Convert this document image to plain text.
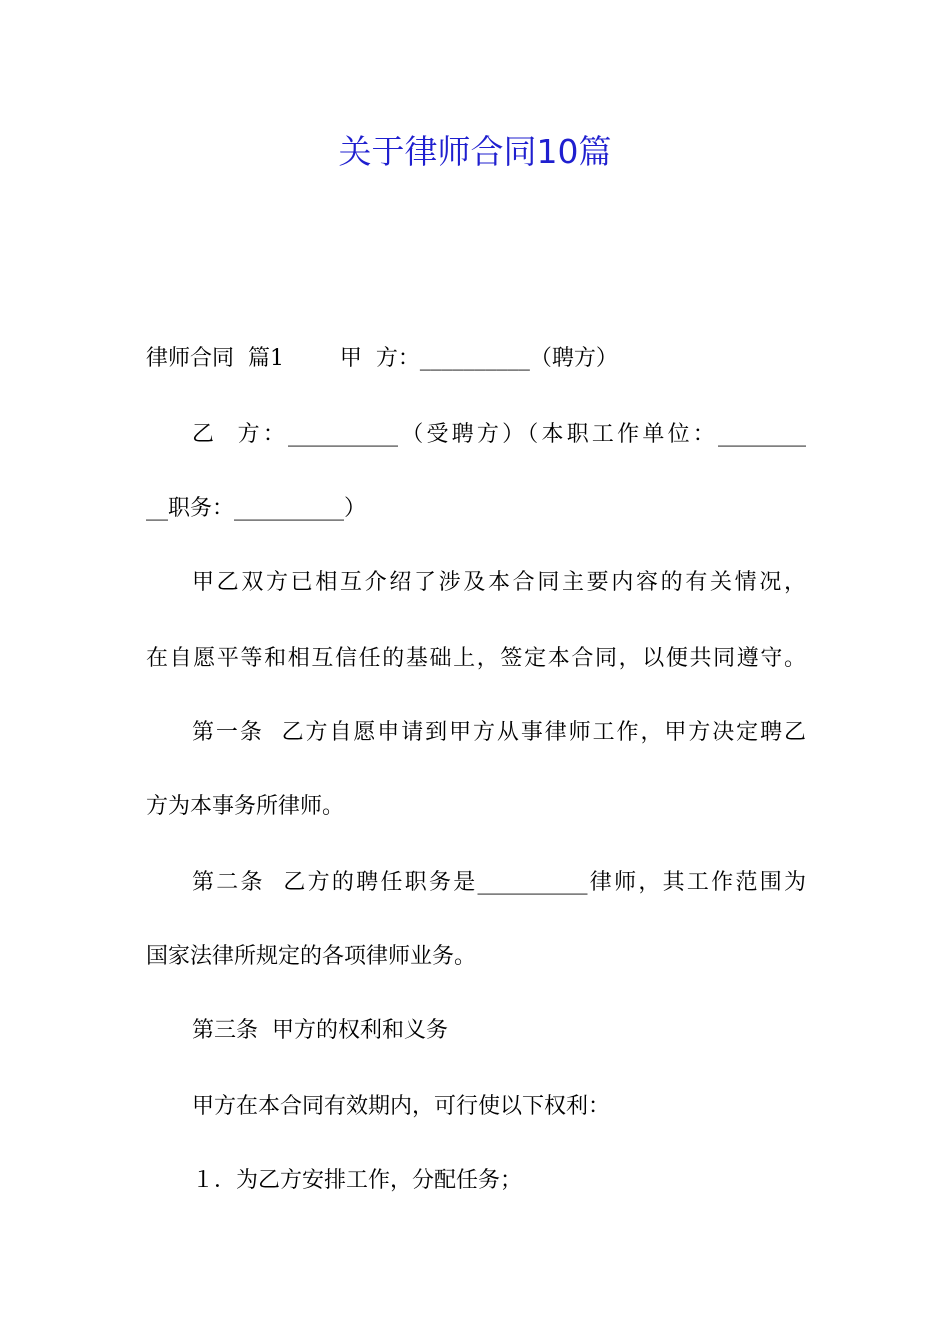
关于律师合同10篇

律师合同  篇1        甲  方：__________（聘方）

乙  方：__________（受聘方）（本职工作单位：________

__职务：__________）

甲乙双方已相互介绍了涉及本合同主要内容的有关情况，

在自愿平等和相互信任的基础上，签定本合同，以便共同遵守。

第一条  乙方自愿申请到甲方从事律师工作，甲方决定聘乙

方为本事务所律师。

第二条  乙方的聘任职务是__________律师，其工作范围为

国家法律所规定的各项律师业务。

第三条  甲方的权利和义务

甲方在本合同有效期内，可行使以下权利：

１．为乙方安排工作，分配任务；
